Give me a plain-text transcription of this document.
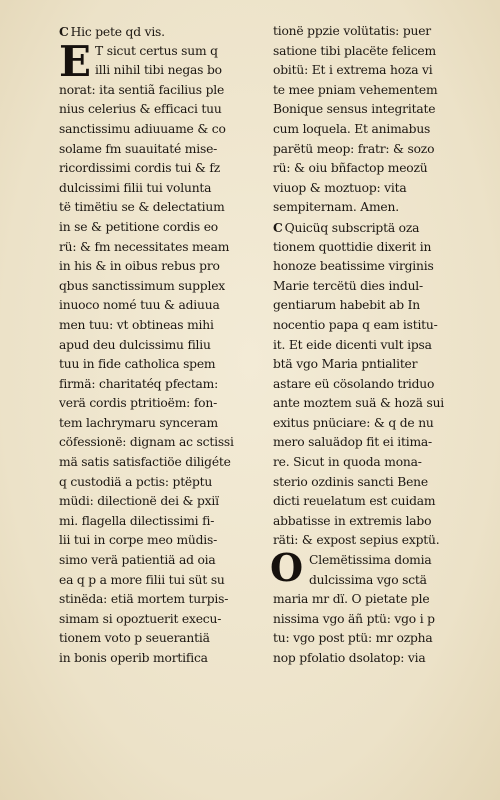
C Hic pete qd vis.
E T sicut certus sum q
illi nihil tibi negas bo
norat: ita sentiã facilius ple
nius celerius & efficaci tuu
sanctissimu adiuuame & co
solame fm suauitaté mise-
ricordissimi cordis tui & fz
dulcissimi filii tui volunta
të timëtiu se & delectatium
in se & petitione cordis eo
rü: & fm necessitates meam
in his & in oibus rebus pro
qbus sanctissimum supplex
inuoco nomé tuu & adiuua
men tuu: vt obtineas mihi
apud deu dulcissimu filiu
tuu in fide catholica spem
firmä: charitatéq pfectam:
verä cordis ptritioëm: fon-
tem lachrymaru synceram
cöfessionë: dignam ac sctissi
mä satis satisfactiöe diligéte
q custodiä a pctis: ptëptu
müdi: dilectionë dei & pxiï
mi. flagella dilectissimi fi-
lii tui in corpe meo müdis-
simo verä patientiä ad oia
ea q p a more filii tui süt su
stinëda: etiä mortem turpis-
simam si opoztuerit execu-
tionem voto p seuerantiä
in bonis operib mortifica
tionë ppzie volütatis: puer
satione tibi placëte felicem
obitü: Et i extrema hoza vi
te mee pniam vehementem
Bonique sensus integritate
cum loquela. Et animabus
parëtü meop: fratr: & sozo
rü: & oiu bñfactop meozü
viuop & moztuop: vita
sempiternam. Amen.
C Quicüq subscriptä oza
tionem quottidie dixerit in
honoze beatissime virginis
Marie tercëtü dies indul-
gentiarum habebit ab In
nocentio papa q eam istitu-
it. Et eide dicenti vult ipsa
btä vgo Maria pntialiter
astare eü cösolando triduo
ante moztem suä & hozä sui
exitus pnüciare: & q de nu
mero saluädop fit ei itima-
re. Sicut in quoda mona-
sterio ozdinis sancti Bene
dicti reuelatum est cuidam
abbatisse in extremis labo
räti: & expost sepius exptü.
O Clemëtissima domia
dulcissima vgo sctä
maria mr dï. O pietate ple
nissima vgo äñ ptü: vgo i p
tu: vgo post ptü: mr ozpha
nop pfolatio dsolatop: via
